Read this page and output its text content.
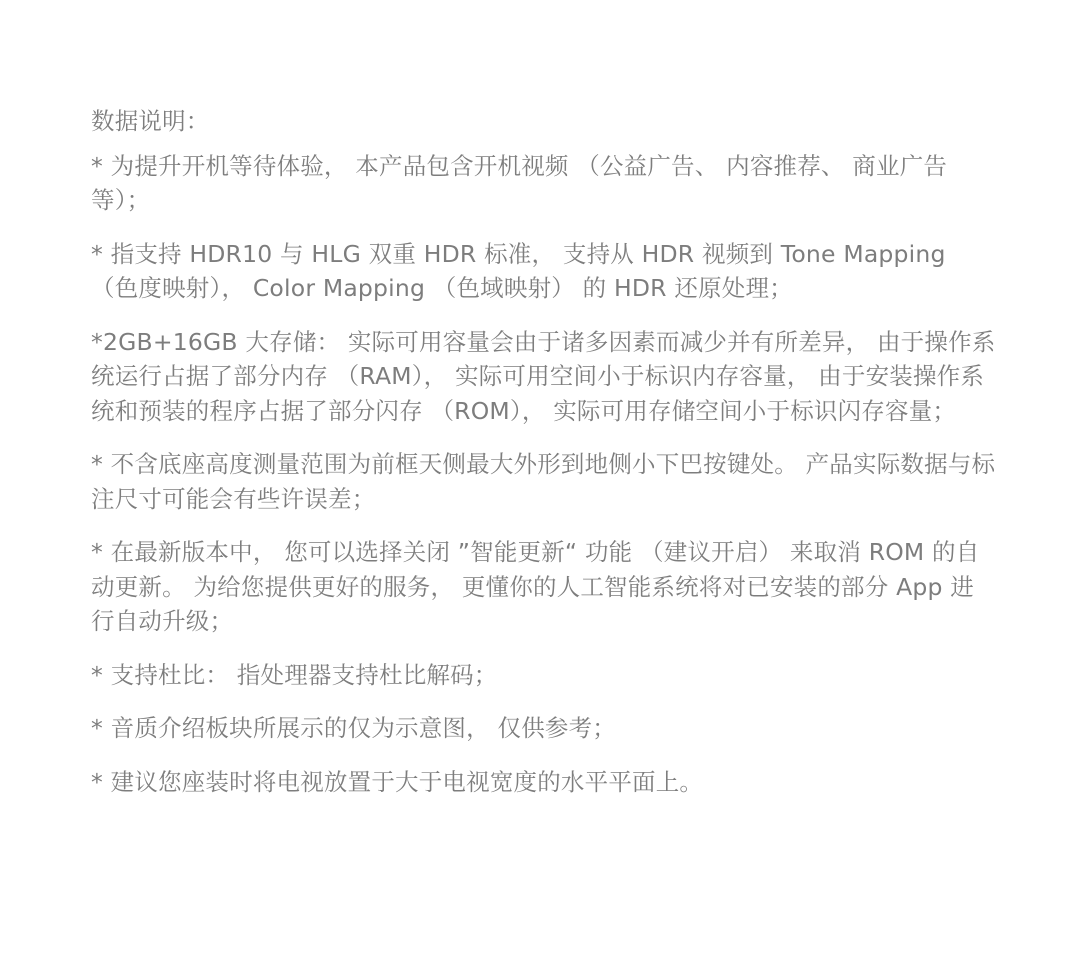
数据说明：
* 为提升开机等待体验， 本产品包含开机视频 （公益广告、 内容推荐、 商业广告等）；
* 指支持 HDR10 与 HLG 双重 HDR 标准， 支持从 HDR 视频到 Tone Mapping （色度映射）， Color Mapping （色域映射） 的 HDR 还原处理；
*2GB+16GB 大存储： 实际可用容量会由于诸多因素而减少并有所差异， 由于操作系统运行占据了部分内存 （RAM）， 实际可用空间小于标识内存容量， 由于安装操作系统和预装的程序占据了部分闪存 （ROM）， 实际可用存储空间小于标识闪存容量；
* 不含底座高度测量范围为前框天侧最大外形到地侧小下巴按键处。 产品实际数据与标注尺寸可能会有些许误差；
* 在最新版本中， 您可以选择关闭 ”智能更新“ 功能 （建议开启） 来取消 ROM 的自动更新。 为给您提供更好的服务， 更懂你的人工智能系统将对已安装的部分 App 进行自动升级；
* 支持杜比： 指处理器支持杜比解码；
* 音质介绍板块所展示的仅为示意图， 仅供参考；
* 建议您座装时将电视放置于大于电视宽度的水平平面上。
